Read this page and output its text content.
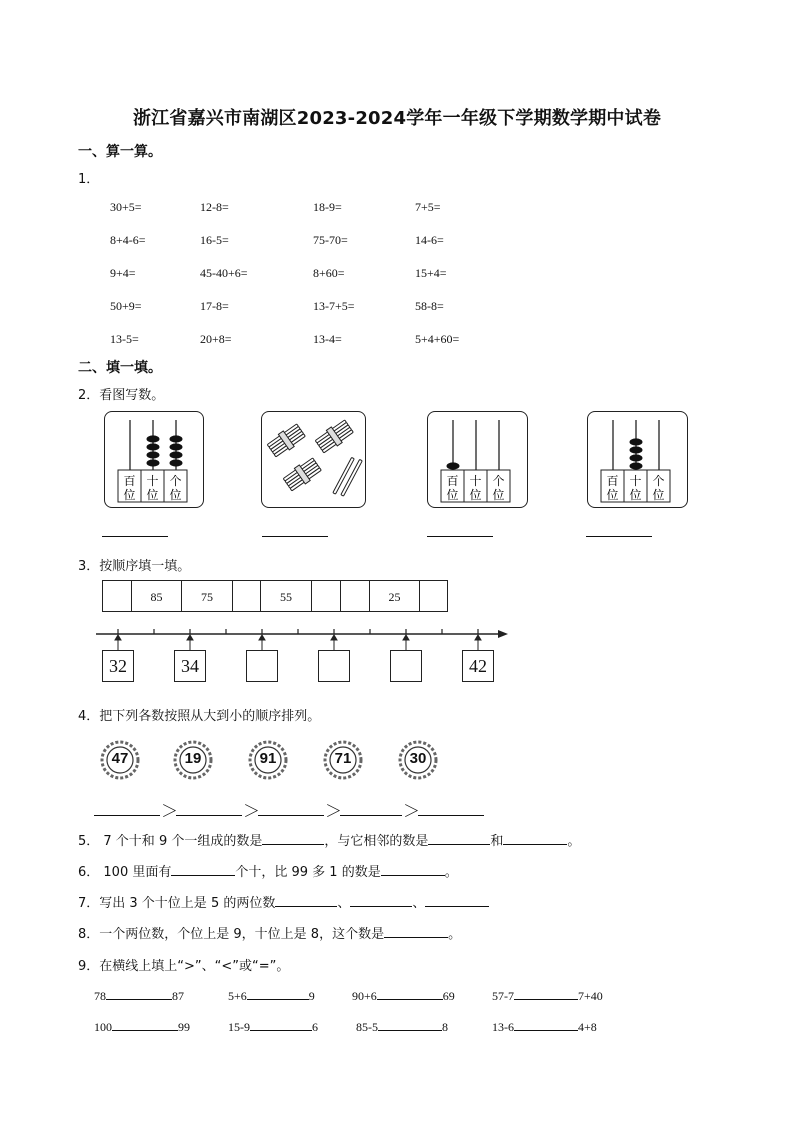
浙江省嘉兴市南湖区2023-2024学年一年级下学期数学期中试卷
一、算一算。
1．
30+5=	12-8=	18-9=	7+5=
8+4-6=	16-5=	75-70=	14-6=
9+4=	45-40+6=	8+60=	15+4=
50+9=	17-8=	13-7+5=	58-8=
13-5=	20+8=	13-4=	5+4+60=
二、填一填。
2．看图写数。
百
位
十
位
个
位
百
位
十
位
个
位
百
位
十
位
个
位
3．按顺序填一填。
85	75	55	25
32	34	42
4．把下列各数按照从大到小的顺序排列。
47	19	91	71	30
＞	＞	＞	＞
5． 7 个十和 9 个一组成的数是	，与它相邻的数是	和	。
6． 100 里面有	个十，比 99 多 1 的数是	。
7．写出 3 个十位上是 5 的两位数	、	、
8．一个两位数，个位上是 9，十位上是 8，这个数是	。
9．在横线上填上“>”、“<”或“=”。
78	87	5+6	9	90+6	69	57-7	7+40
100	99	15-9	6	85-5	8	13-6	4+8
